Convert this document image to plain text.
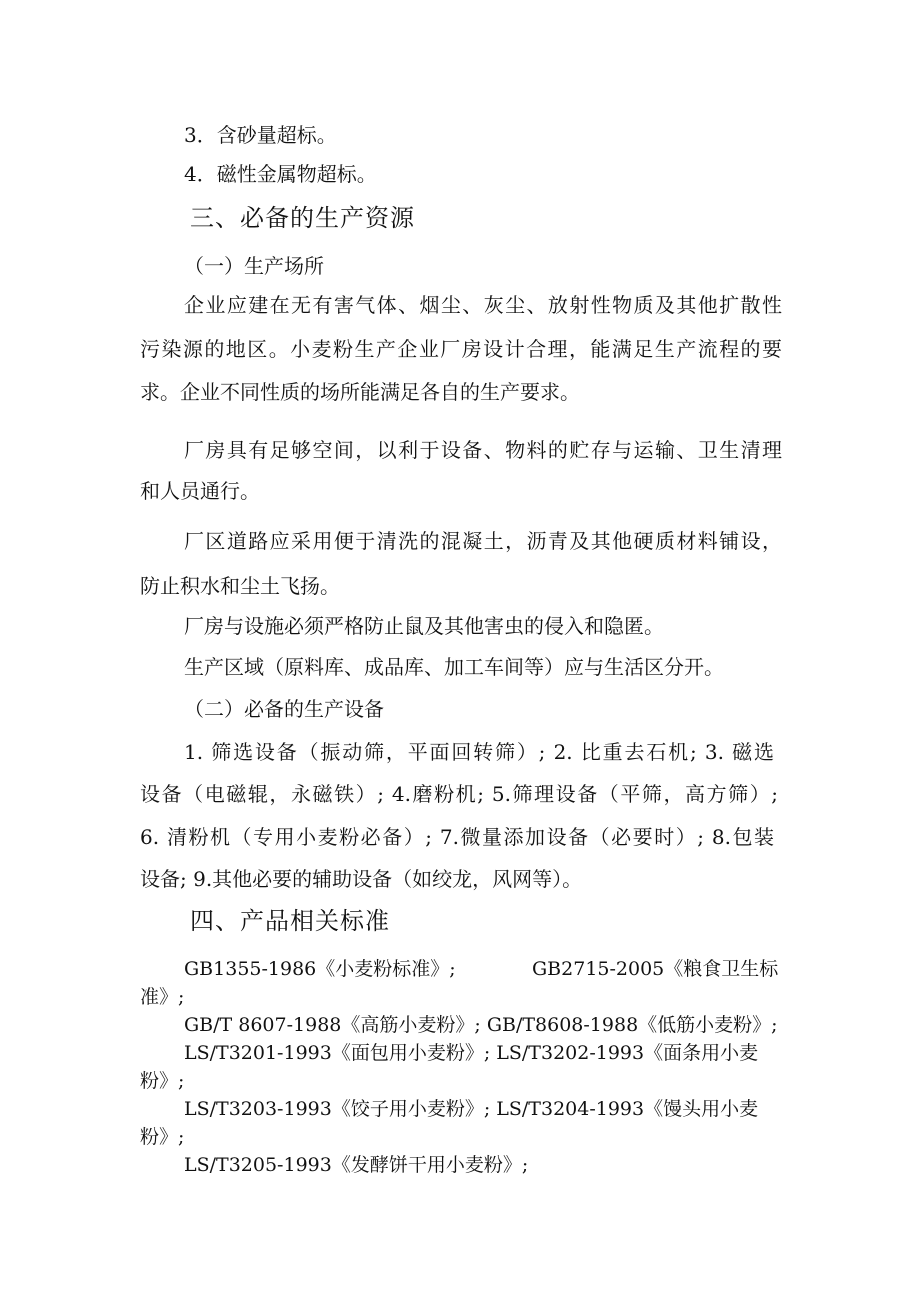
3．含砂量超标。
4．磁性金属物超标。
三、必备的生产资源
（一）生产场所
企业应建在无有害气体、烟尘、灰尘、放射性物质及其他扩散性
污染源的地区。小麦粉生产企业厂房设计合理，能满足生产流程的要
求。企业不同性质的场所能满足各自的生产要求。
厂房具有足够空间，以利于设备、物料的贮存与运输、卫生清理
和人员通行。
厂区道路应采用便于清洗的混凝土，沥青及其他硬质材料铺设，
防止积水和尘土飞扬。
厂房与设施必须严格防止鼠及其他害虫的侵入和隐匿。
生产区域（原料库、成品库、加工车间等）应与生活区分开。
（二）必备的生产设备
1. 筛选设备（振动筛，平面回转筛）; 2. 比重去石机; 3. 磁选
设备（电磁辊，永磁铁）; 4.磨粉机; 5.筛理设备（平筛，高方筛）;
6. 清粉机（专用小麦粉必备）; 7.微量添加设备（必要时）; 8.包装
设备; 9.其他必要的辅助设备（如绞龙，风网等）。
四、产品相关标准
GB1355-1986《小麦粉标准》;	GB2715-2005《粮食卫生标
准》;
GB/T 8607-1988《高筋小麦粉》; GB/T8608-1988《低筋小麦粉》;
LS/T3201-1993《面包用小麦粉》; LS/T3202-1993《面条用小麦
粉》;
LS/T3203-1993《饺子用小麦粉》; LS/T3204-1993《馒头用小麦
粉》;
LS/T3205-1993《发酵饼干用小麦粉》;
